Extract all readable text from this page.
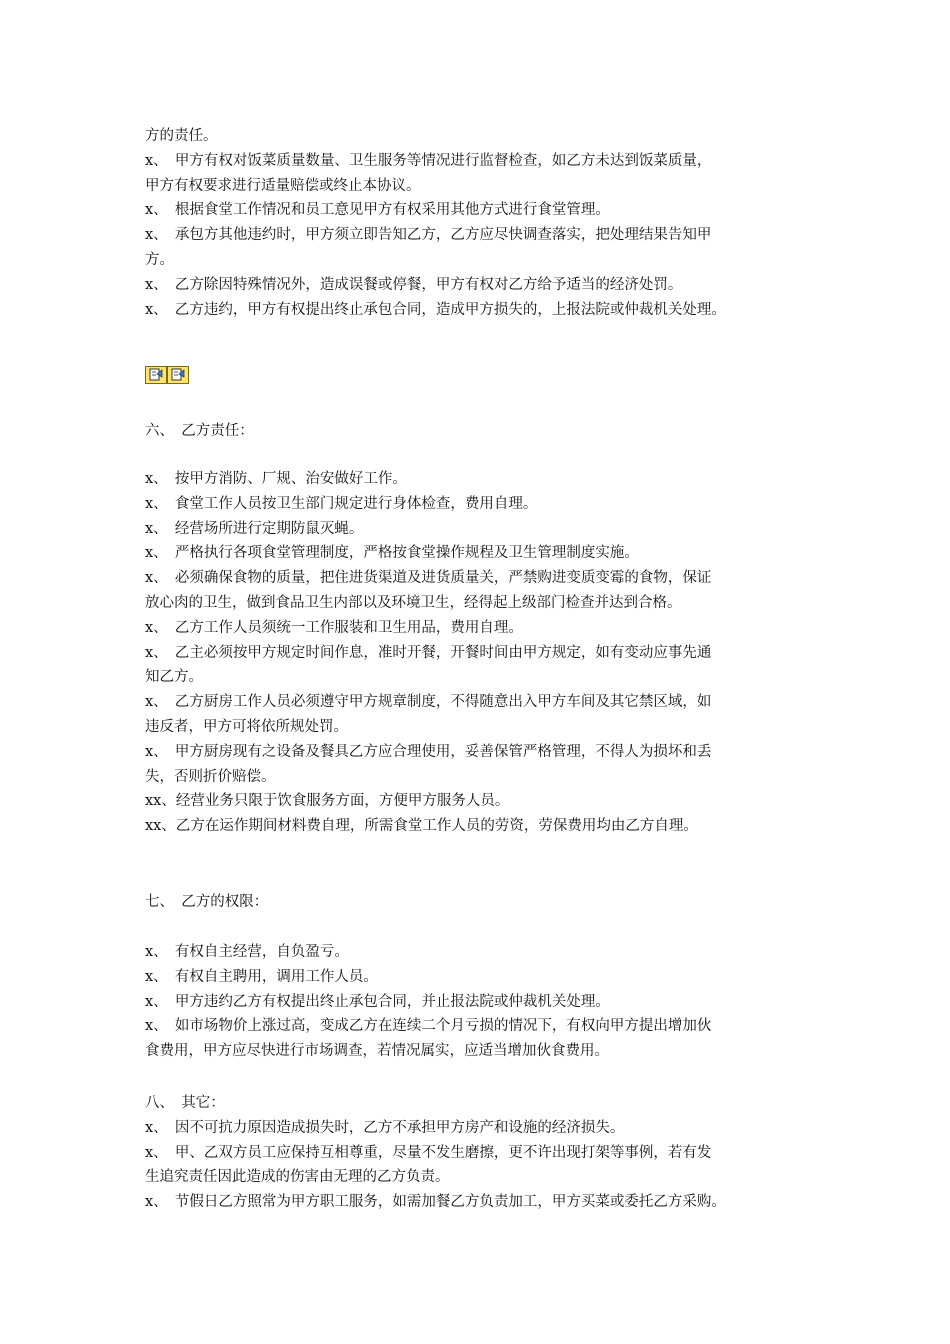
方的责任。
x、　甲方有权对饭菜质量数量、卫生服务等情况进行监督检查，如乙方未达到饭菜质量，
甲方有权要求进行适量赔偿或终止本协议。
x、　根据食堂工作情况和员工意见甲方有权采用其他方式进行食堂管理。
x、　承包方其他违约时，甲方须立即告知乙方，乙方应尽快调查落实，把处理结果告知甲
方。
x、　乙方除因特殊情况外，造成误餐或停餐，甲方有权对乙方给予适当的经济处罚。
x、　乙方违约，甲方有权提出终止承包合同，造成甲方损失的，上报法院或仲裁机关处理。
六、　乙方责任：
x、　按甲方消防、厂规、治安做好工作。
x、　食堂工作人员按卫生部门规定进行身体检查，费用自理。
x、　经营场所进行定期防鼠灭蝇。
x、　严格执行各项食堂管理制度，严格按食堂操作规程及卫生管理制度实施。
x、　必须确保食物的质量，把住进货渠道及进货质量关，严禁购进变质变霉的食物，保证
放心肉的卫生，做到食品卫生内部以及环境卫生，经得起上级部门检查并达到合格。
x、　乙方工作人员须统一工作服装和卫生用品，费用自理。
x、　乙主必须按甲方规定时间作息，准时开餐，开餐时间由甲方规定，如有变动应事先通
知乙方。
x、　乙方厨房工作人员必须遵守甲方规章制度，不得随意出入甲方车间及其它禁区域，如
违反者，甲方可将依所规处罚。
x、　甲方厨房现有之设备及餐具乙方应合理使用，妥善保管严格管理，不得人为损坏和丢
失，否则折价赔偿。
xx、经营业务只限于饮食服务方面，方便甲方服务人员。
xx、乙方在运作期间材料费自理，所需食堂工作人员的劳资，劳保费用均由乙方自理。
七、　乙方的权限：
x、　有权自主经营，自负盈亏。
x、　有权自主聘用，调用工作人员。
x、　甲方违约乙方有权提出终止承包合同，并止报法院或仲裁机关处理。
x、　如市场物价上涨过高，变成乙方在连续二个月亏损的情况下，有权向甲方提出增加伙
食费用，甲方应尽快进行市场调查，若情况属实，应适当增加伙食费用。
八、　其它：
x、　因不可抗力原因造成损失时，乙方不承担甲方房产和设施的经济损失。
x、　甲、乙双方员工应保持互相尊重，尽量不发生磨擦，更不许出现打架等事例，若有发
生追究责任因此造成的伤害由无理的乙方负责。
x、　节假日乙方照常为甲方职工服务，如需加餐乙方负责加工，甲方买菜或委托乙方采购。
